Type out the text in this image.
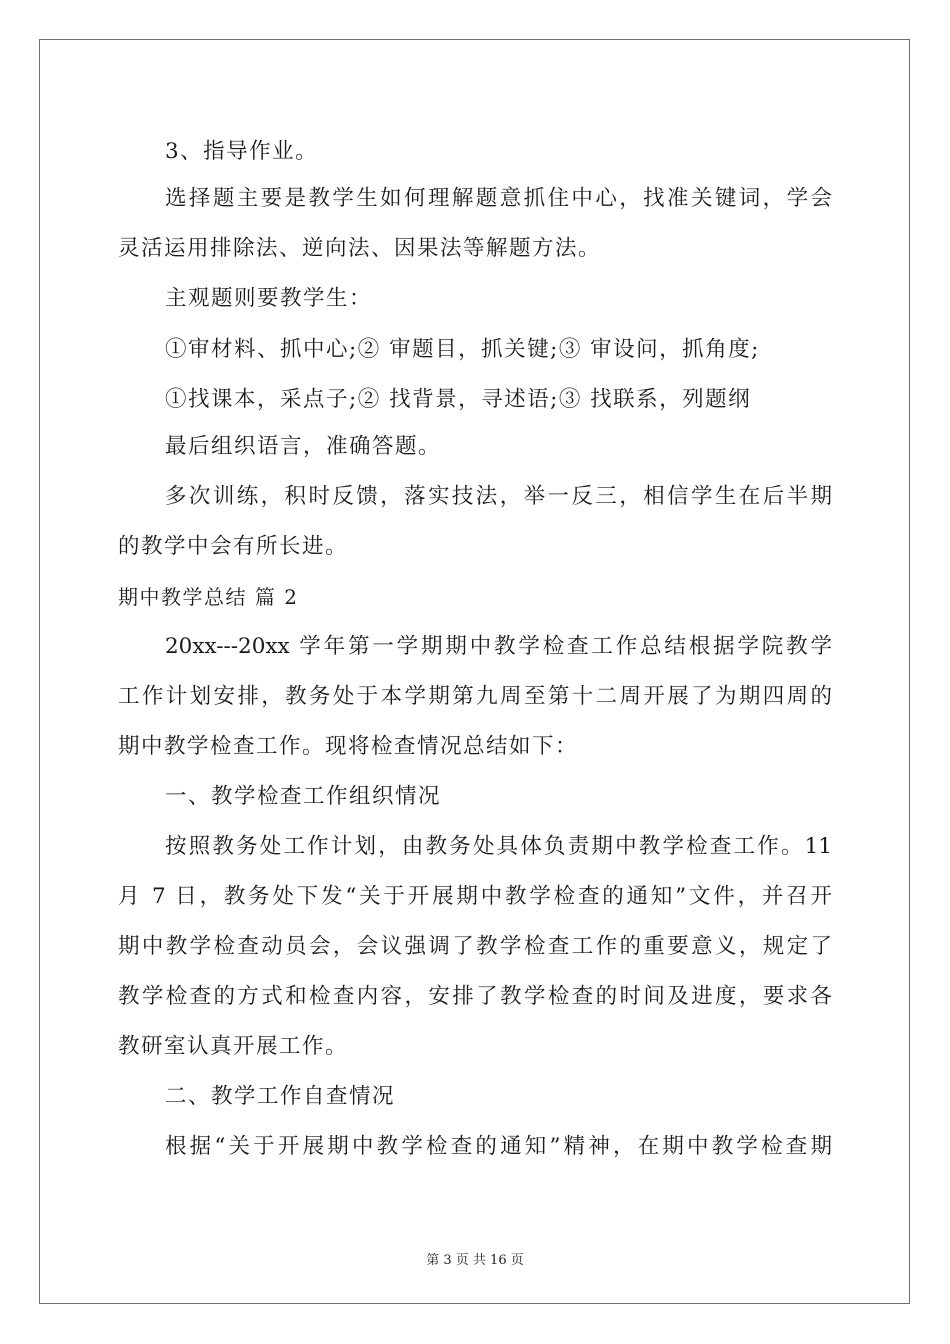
3、指导作业。
选择题主要是教学生如何理解题意抓住中心，找准关键词，学会
灵活运用排除法、逆向法、因果法等解题方法。
主观题则要教学生：
①审材料、抓中心;② 审题目，抓关键;③ 审设问，抓角度;
①找课本，采点子;② 找背景，寻述语;③ 找联系，列题纲
最后组织语言，准确答题。
多次训练，积时反馈，落实技法，举一反三，相信学生在后半期
的教学中会有所长进。
期中教学总结 篇 2
20xx---20xx 学年第一学期期中教学检查工作总结根据学院教学
工作计划安排，教务处于本学期第九周至第十二周开展了为期四周的
期中教学检查工作。现将检查情况总结如下：
一、教学检查工作组织情况
按照教务处工作计划，由教务处具体负责期中教学检查工作。11
月 7 日，教务处下发“关于开展期中教学检查的通知”文件，并召开
期中教学检查动员会，会议强调了教学检查工作的重要意义，规定了
教学检查的方式和检查内容，安排了教学检查的时间及进度，要求各
教研室认真开展工作。
二、教学工作自查情况
根据“关于开展期中教学检查的通知”精神，在期中教学检查期
第 3 页 共 16 页
